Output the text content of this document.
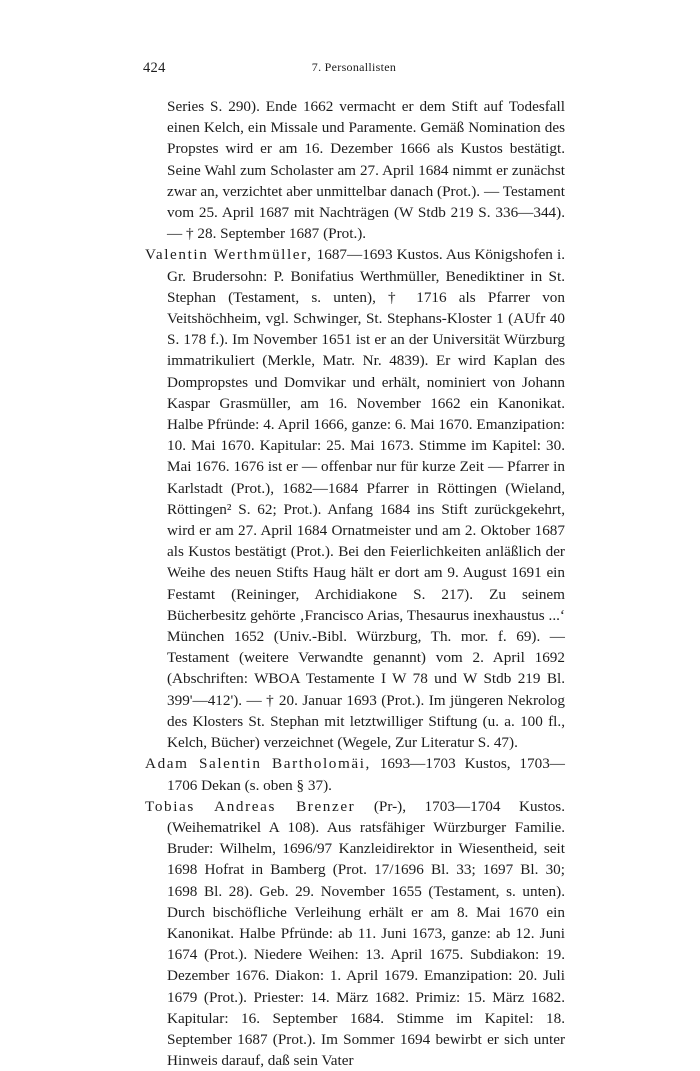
424	7. Personallisten

Series S. 290). Ende 1662 vermacht er dem Stift auf Todesfall einen Kelch, ein Missale und Paramente. Gemäß Nomination des Propstes wird er am 16. Dezember 1666 als Kustos bestätigt. Seine Wahl zum Scholaster am 27. April 1684 nimmt er zunächst zwar an, verzichtet aber unmittelbar danach (Prot.). — Testament vom 25. April 1687 mit Nachträgen (W Stdb 219 S. 336—344). — † 28. September 1687 (Prot.).

Valentin Werthmüller, 1687—1693 Kustos. Aus Königshofen i. Gr. Brudersohn: P. Bonifatius Werthmüller, Benediktiner in St. Stephan (Testament, s. unten), † 1716 als Pfarrer von Veitshöchheim, vgl. Schwinger, St. Stephans-Kloster 1 (AUfr 40 S. 178 f.). Im November 1651 ist er an der Universität Würzburg immatrikuliert (Merkle, Matr. Nr. 4839). Er wird Kaplan des Dompropstes und Domvikar und erhält, nominiert von Johann Kaspar Grasmüller, am 16. November 1662 ein Kanonikat. Halbe Pfründe: 4. April 1666, ganze: 6. Mai 1670. Emanzipation: 10. Mai 1670. Kapitular: 25. Mai 1673. Stimme im Kapitel: 30. Mai 1676. 1676 ist er — offenbar nur für kurze Zeit — Pfarrer in Karlstadt (Prot.), 1682—1684 Pfarrer in Röttingen (Wieland, Röttingen² S. 62; Prot.). Anfang 1684 ins Stift zurückgekehrt, wird er am 27. April 1684 Ornatmeister und am 2. Oktober 1687 als Kustos bestätigt (Prot.). Bei den Feierlichkeiten anläßlich der Weihe des neuen Stifts Haug hält er dort am 9. August 1691 ein Festamt (Reininger, Archidiakone S. 217). Zu seinem Bücherbesitz gehörte ‚Francisco Arias, Thesaurus inexhaustus ...‘ München 1652 (Univ.-Bibl. Würzburg, Th. mor. f. 69). — Testament (weitere Verwandte genannt) vom 2. April 1692 (Abschriften: WBOA Testamente I W 78 und W Stdb 219 Bl. 399'—412'). — † 20. Januar 1693 (Prot.). Im jüngeren Nekrolog des Klosters St. Stephan mit letztwilliger Stiftung (u. a. 100 fl., Kelch, Bücher) verzeichnet (Wegele, Zur Literatur S. 47).

Adam Salentin Bartholomäi, 1693—1703 Kustos, 1703—1706 Dekan (s. oben § 37).

Tobias Andreas Brenzer (Pr-), 1703—1704 Kustos. (Weihematrikel A 108). Aus ratsfähiger Würzburger Familie. Bruder: Wilhelm, 1696/97 Kanzleidirektor in Wiesentheid, seit 1698 Hofrat in Bamberg (Prot. 17/1696 Bl. 33; 1697 Bl. 30; 1698 Bl. 28). Geb. 29. November 1655 (Testament, s. unten). Durch bischöfliche Verleihung erhält er am 8. Mai 1670 ein Kanonikat. Halbe Pfründe: ab 11. Juni 1673, ganze: ab 12. Juni 1674 (Prot.). Niedere Weihen: 13. April 1675. Subdiakon: 19. Dezember 1676. Diakon: 1. April 1679. Emanzipation: 20. Juli 1679 (Prot.). Priester: 14. März 1682. Primiz: 15. März 1682. Kapitular: 16. September 1684. Stimme im Kapitel: 18. September 1687 (Prot.). Im Sommer 1694 bewirbt er sich unter Hinweis darauf, daß sein Vater
